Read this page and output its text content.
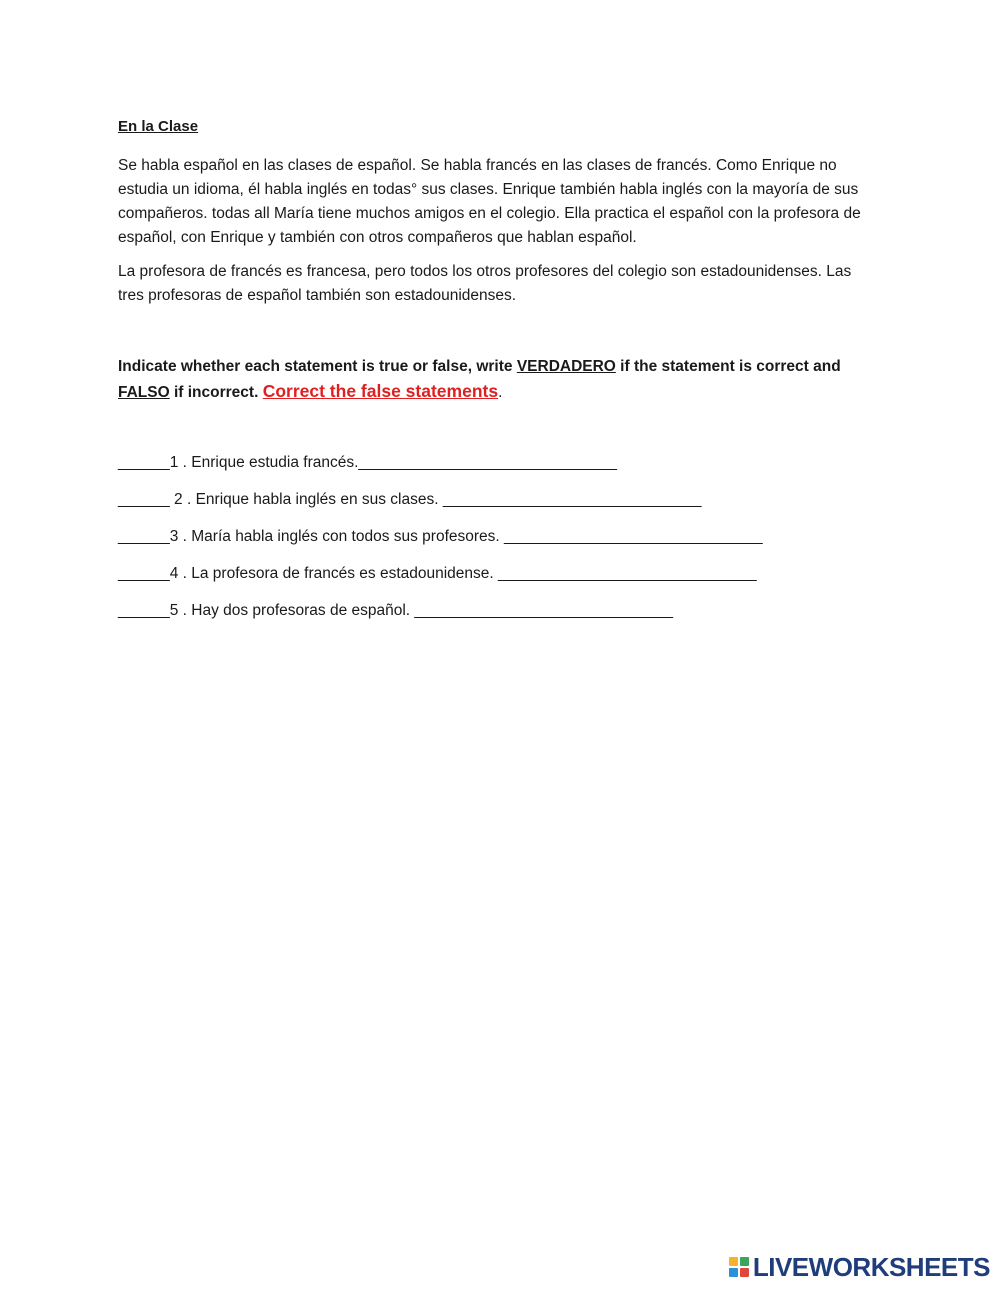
En la Clase

Se habla español en las clases de español. Se habla francés en las clases de francés. Como Enrique no estudia un idioma, él habla inglés en todas° sus clases. Enrique también habla inglés con la mayoría de sus compañeros. todas all María tiene muchos amigos en el colegio. Ella practica el español con la profesora de español, con Enrique y también con otros compañeros que hablan español.

La profesora de francés es francesa, pero todos los otros profesores del colegio son estadounidenses. Las tres profesoras de español también son estadounidenses.

Indicate whether each statement is true or false, write VERDADERO if the statement is correct and FALSO if incorrect. Correct the false statements.
______1 . Enrique estudia francés.______________________________
______ 2 . Enrique habla inglés en sus clases. ______________________________
______3 . María habla inglés con todos sus profesores. ______________________________
______4 . La profesora de francés es estadounidense. ______________________________
______5 . Hay dos profesoras de español. ______________________________
LIVEWORKSHEETS
